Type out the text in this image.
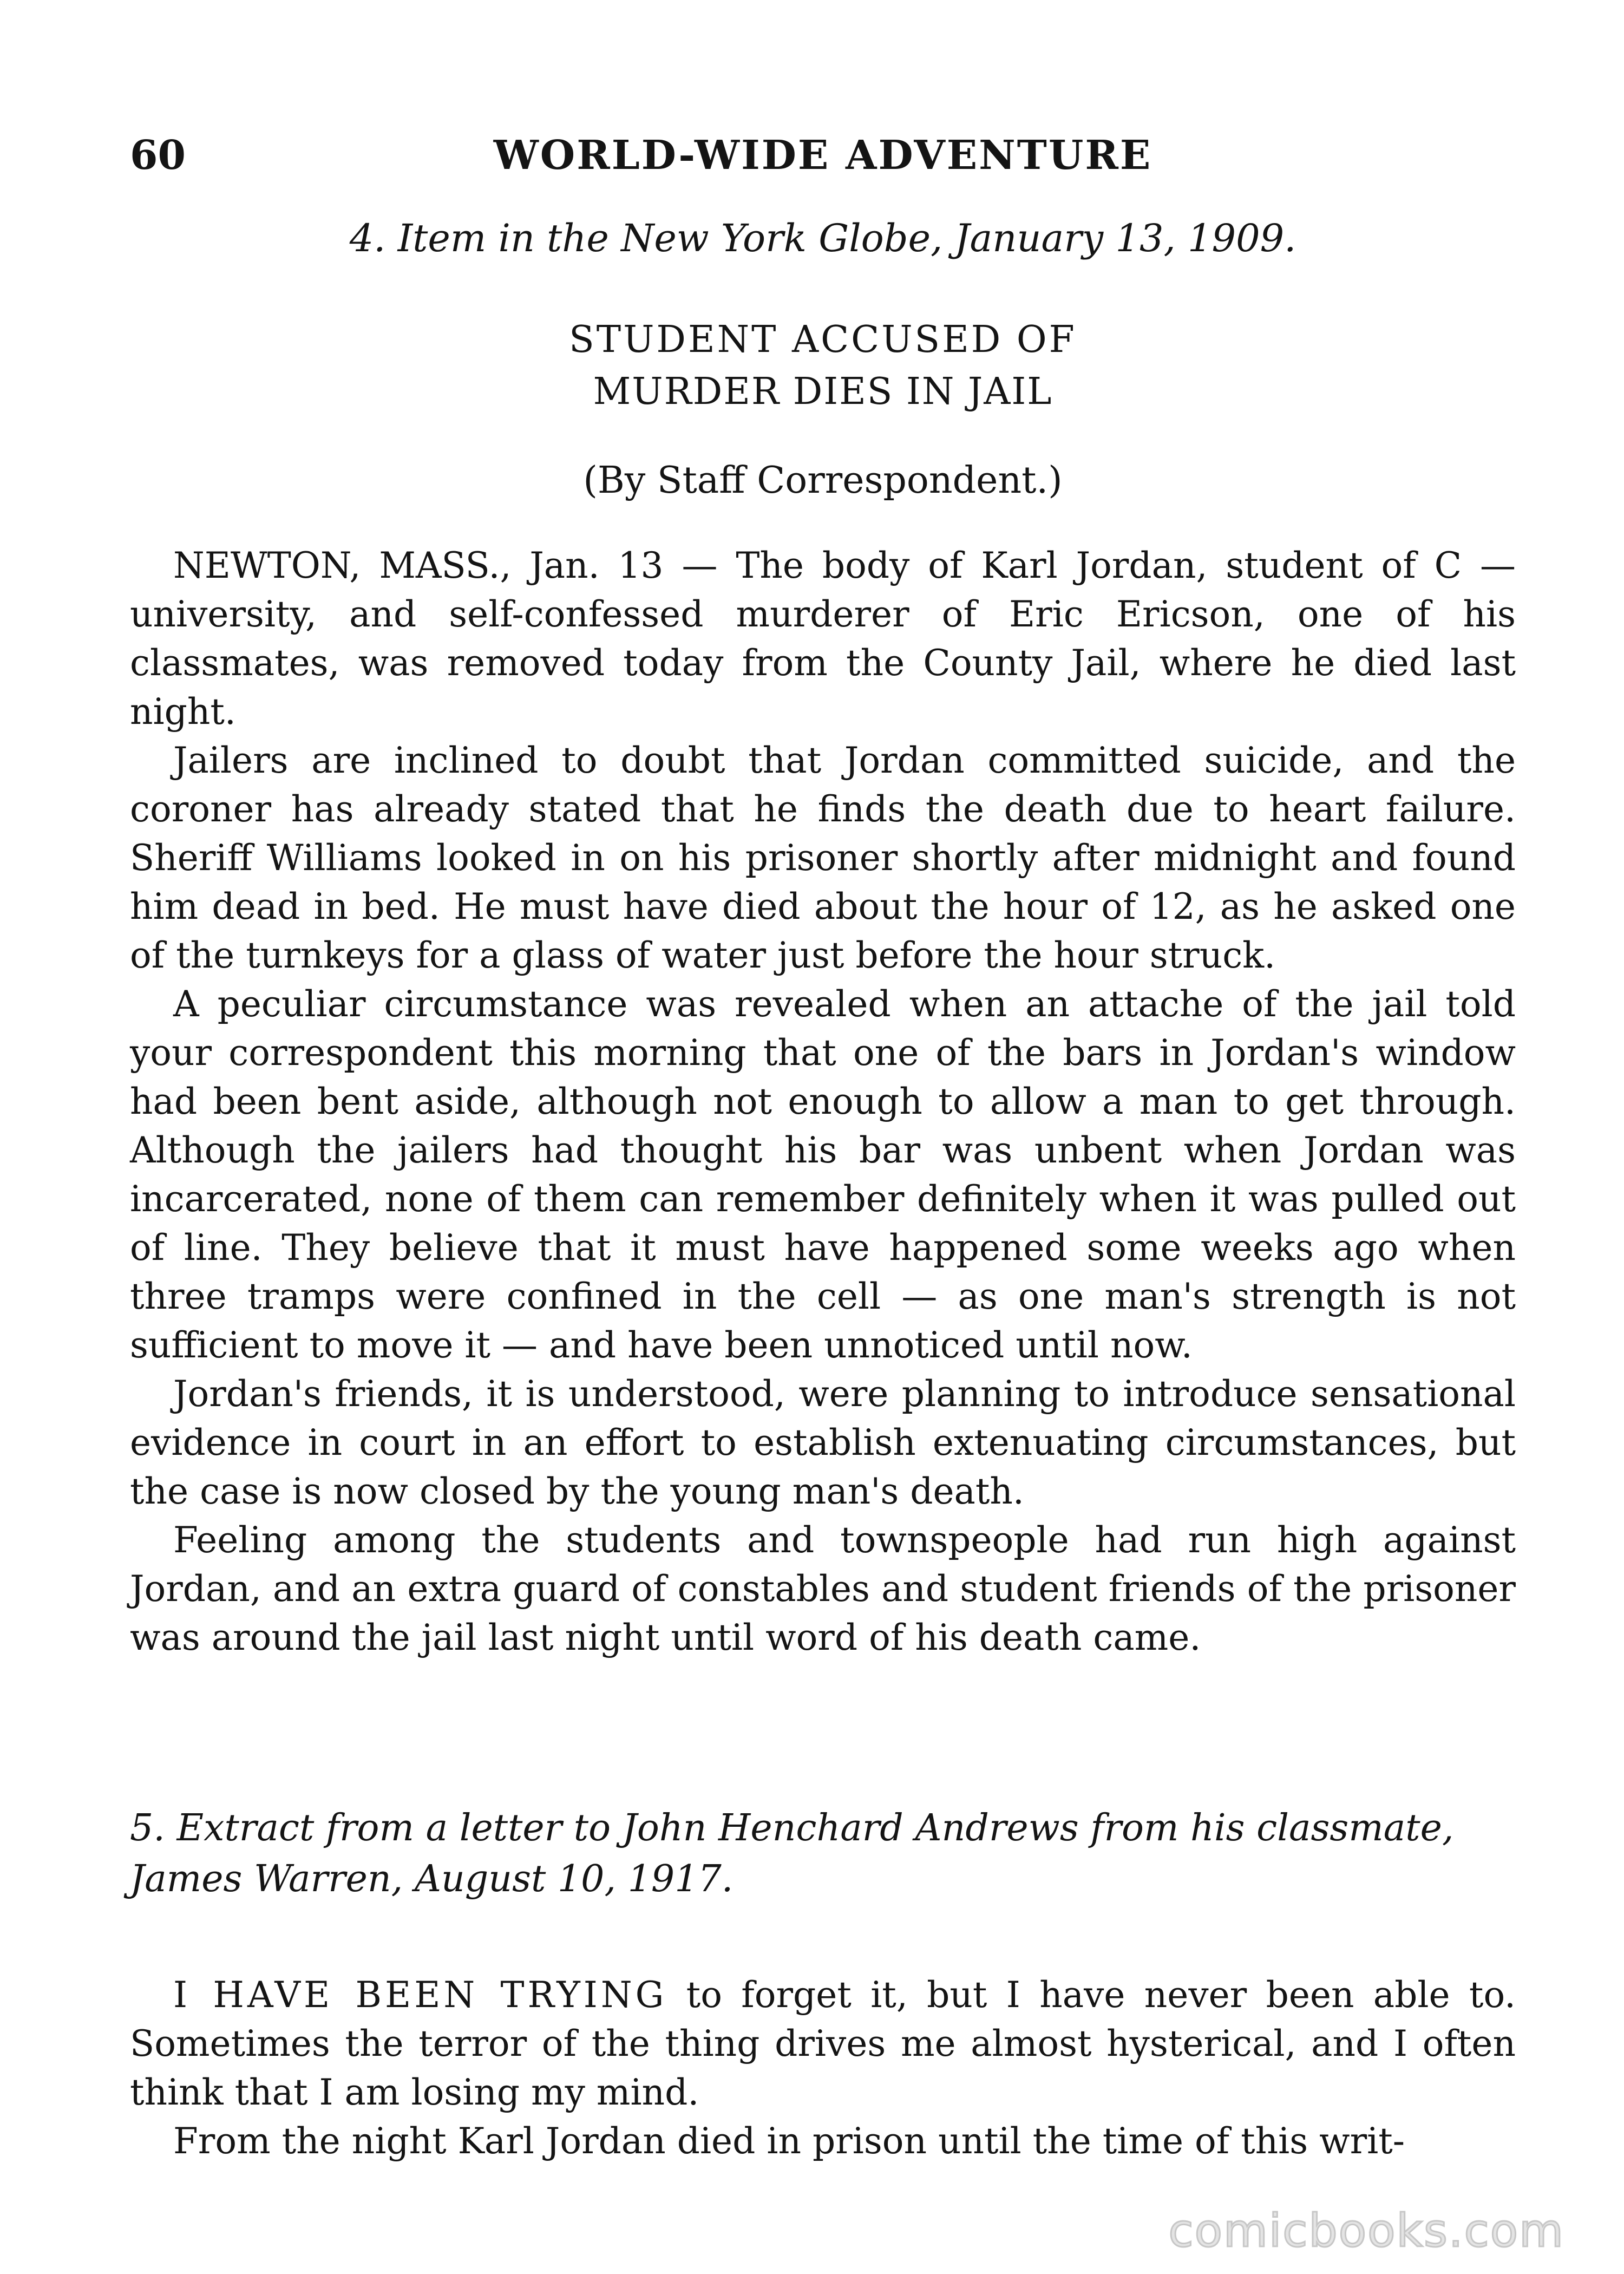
60	WORLD-WIDE ADVENTURE
4. Item in the New York Globe, January 13, 1909.
STUDENT ACCUSED OF
MURDER DIES IN JAIL
(By Staff Correspondent.)

NEWTON, MASS., Jan. 13 — The body of Karl Jordan, student of C — university, and self-confessed murderer of Eric Ericson, one of his classmates, was removed today from the County Jail, where he died last night.

Jailers are inclined to doubt that Jordan committed suicide, and the coroner has already stated that he finds the death due to heart failure. Sheriff Williams looked in on his prisoner shortly after midnight and found him dead in bed. He must have died about the hour of 12, as he asked one of the turnkeys for a glass of water just before the hour struck.

A peculiar circumstance was revealed when an attache of the jail told your correspondent this morning that one of the bars in Jordan's window had been bent aside, although not enough to allow a man to get through. Although the jailers had thought his bar was unbent when Jordan was incarcerated, none of them can remember definitely when it was pulled out of line. They believe that it must have happened some weeks ago when three tramps were confined in the cell — as one man's strength is not sufficient to move it — and have been unnoticed until now.

Jordan's friends, it is understood, were planning to introduce sensational evidence in court in an effort to establish extenuating circumstances, but the case is now closed by the young man's death.

Feeling among the students and townspeople had run high against Jordan, and an extra guard of constables and student friends of the prisoner was around the jail last night until word of his death came.

5. Extract from a letter to John Henchard Andrews from his classmate, James Warren, August 10, 1917.

I HAVE BEEN TRYING to forget it, but I have never been able to. Sometimes the terror of the thing drives me almost hysterical, and I often think that I am losing my mind.

From the night Karl Jordan died in prison until the time of this writ-

comicbooks.com
